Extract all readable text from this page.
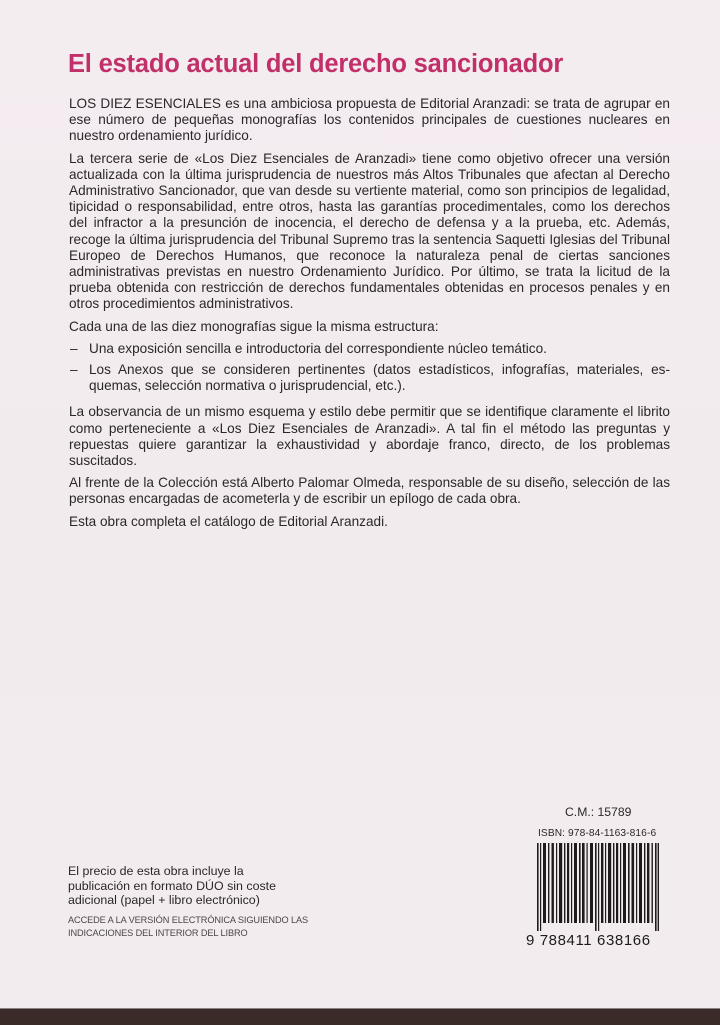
El estado actual del derecho sancionador

LOS DIEZ ESENCIALES es una ambiciosa propuesta de Editorial Aranzadi: se trata de agrupar en ese número de pequeñas monografías los contenidos principales de cuestiones nucleares en nuestro ordenamiento jurídico.

La tercera serie de «Los Diez Esenciales de Aranzadi» tiene como objetivo ofrecer una versión actualizada con la última jurisprudencia de nuestros más Altos Tribunales que afectan al Derecho Administrativo Sancionador, que van desde su vertiente material, como son principios de legalidad, tipicidad o responsabilidad, entre otros, hasta las garantías procedimentales, como los derechos del infractor a la presunción de inocencia, el derecho de defensa y a la prueba, etc. Además, recoge la última jurisprudencia del Tribunal Supremo tras la sentencia Saquetti Iglesias del Tribunal Europeo de Derechos Humanos, que reconoce la naturaleza penal de ciertas sanciones administrativas previstas en nuestro Ordenamiento Jurídico. Por último, se trata la licitud de la prueba obtenida con restricción de derechos fundamentales obtenidas en procesos penales y en otros procedimientos administrativos.

Cada una de las diez monografías sigue la misma estructura:

– Una exposición sencilla e introductoria del correspondiente núcleo temático.
– Los Anexos que se consideren pertinentes (datos estadísticos, infografías, materiales, esquemas, selección normativa o jurisprudencial, etc.).

La observancia de un mismo esquema y estilo debe permitir que se identifique claramente el librito como perteneciente a «Los Diez Esenciales de Aranzadi». A tal fin el método las preguntas y repuestas quiere garantizar la exhaustividad y abordaje franco, directo, de los problemas suscitados.

Al frente de la Colección está Alberto Palomar Olmeda, responsable de su diseño, selección de las personas encargadas de acometerla y de escribir un epílogo de cada obra.

Esta obra completa el catálogo de Editorial Aranzadi.

El precio de esta obra incluye la publicación en formato DÚO sin coste adicional (papel + libro electrónico)
ACCEDE A LA VERSIÓN ELECTRÓNICA SIGUIENDO LAS INDICACIONES DEL INTERIOR DEL LIBRO
C.M.: 15789
ISBN: 978-84-1163-816-6
9 788411 638166
